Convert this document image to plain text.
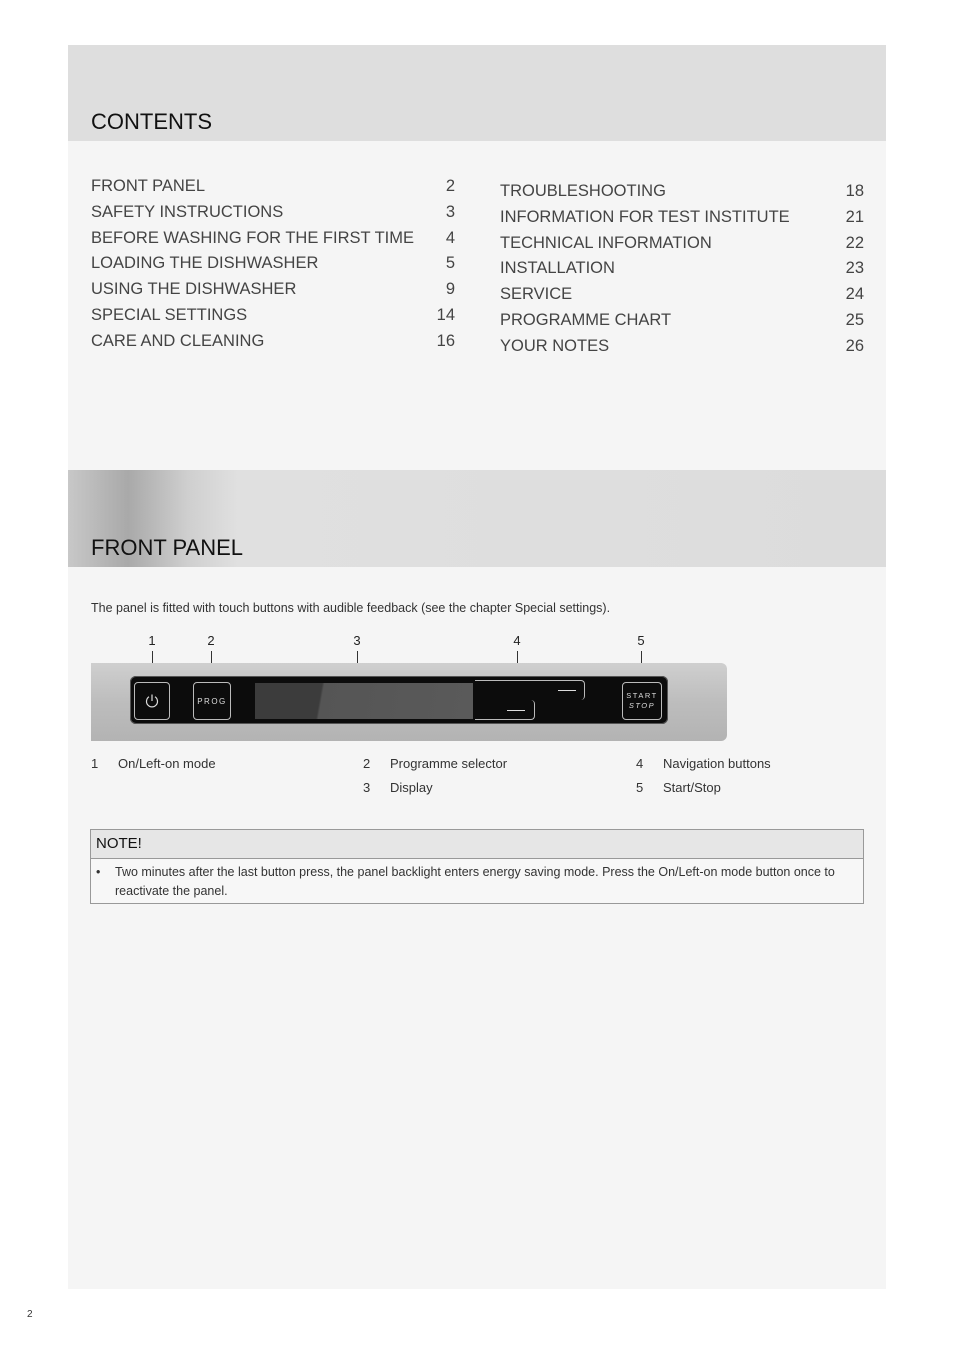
CONTENTS
FRONT PANEL	2
SAFETY INSTRUCTIONS	3
BEFORE WASHING FOR THE FIRST TIME 4
LOADING THE DISHWASHER	5
USING THE DISHWASHER	9
SPECIAL SETTINGS	14
CARE AND CLEANING	16
TROUBLESHOOTING	18
INFORMATION FOR TEST INSTITUTE	21
TECHNICAL INFORMATION	22
INSTALLATION	23
SERVICE	24
PROGRAMME CHART	25
YOUR NOTES	26
FRONT PANEL

The panel is fitted with touch buttons with audible feedback (see the chapter Special settings).

1	2	3	4	5
PROG
START
STOP
1	On/Left-on mode	2	Programme selector
3	Display
4	Navigation buttons
5	Start/Stop
NOTE!
•	Two minutes after the last button press, the panel backlight enters energy saving mode. Press the On/Left-on mode button once to reactivate the panel.
2
